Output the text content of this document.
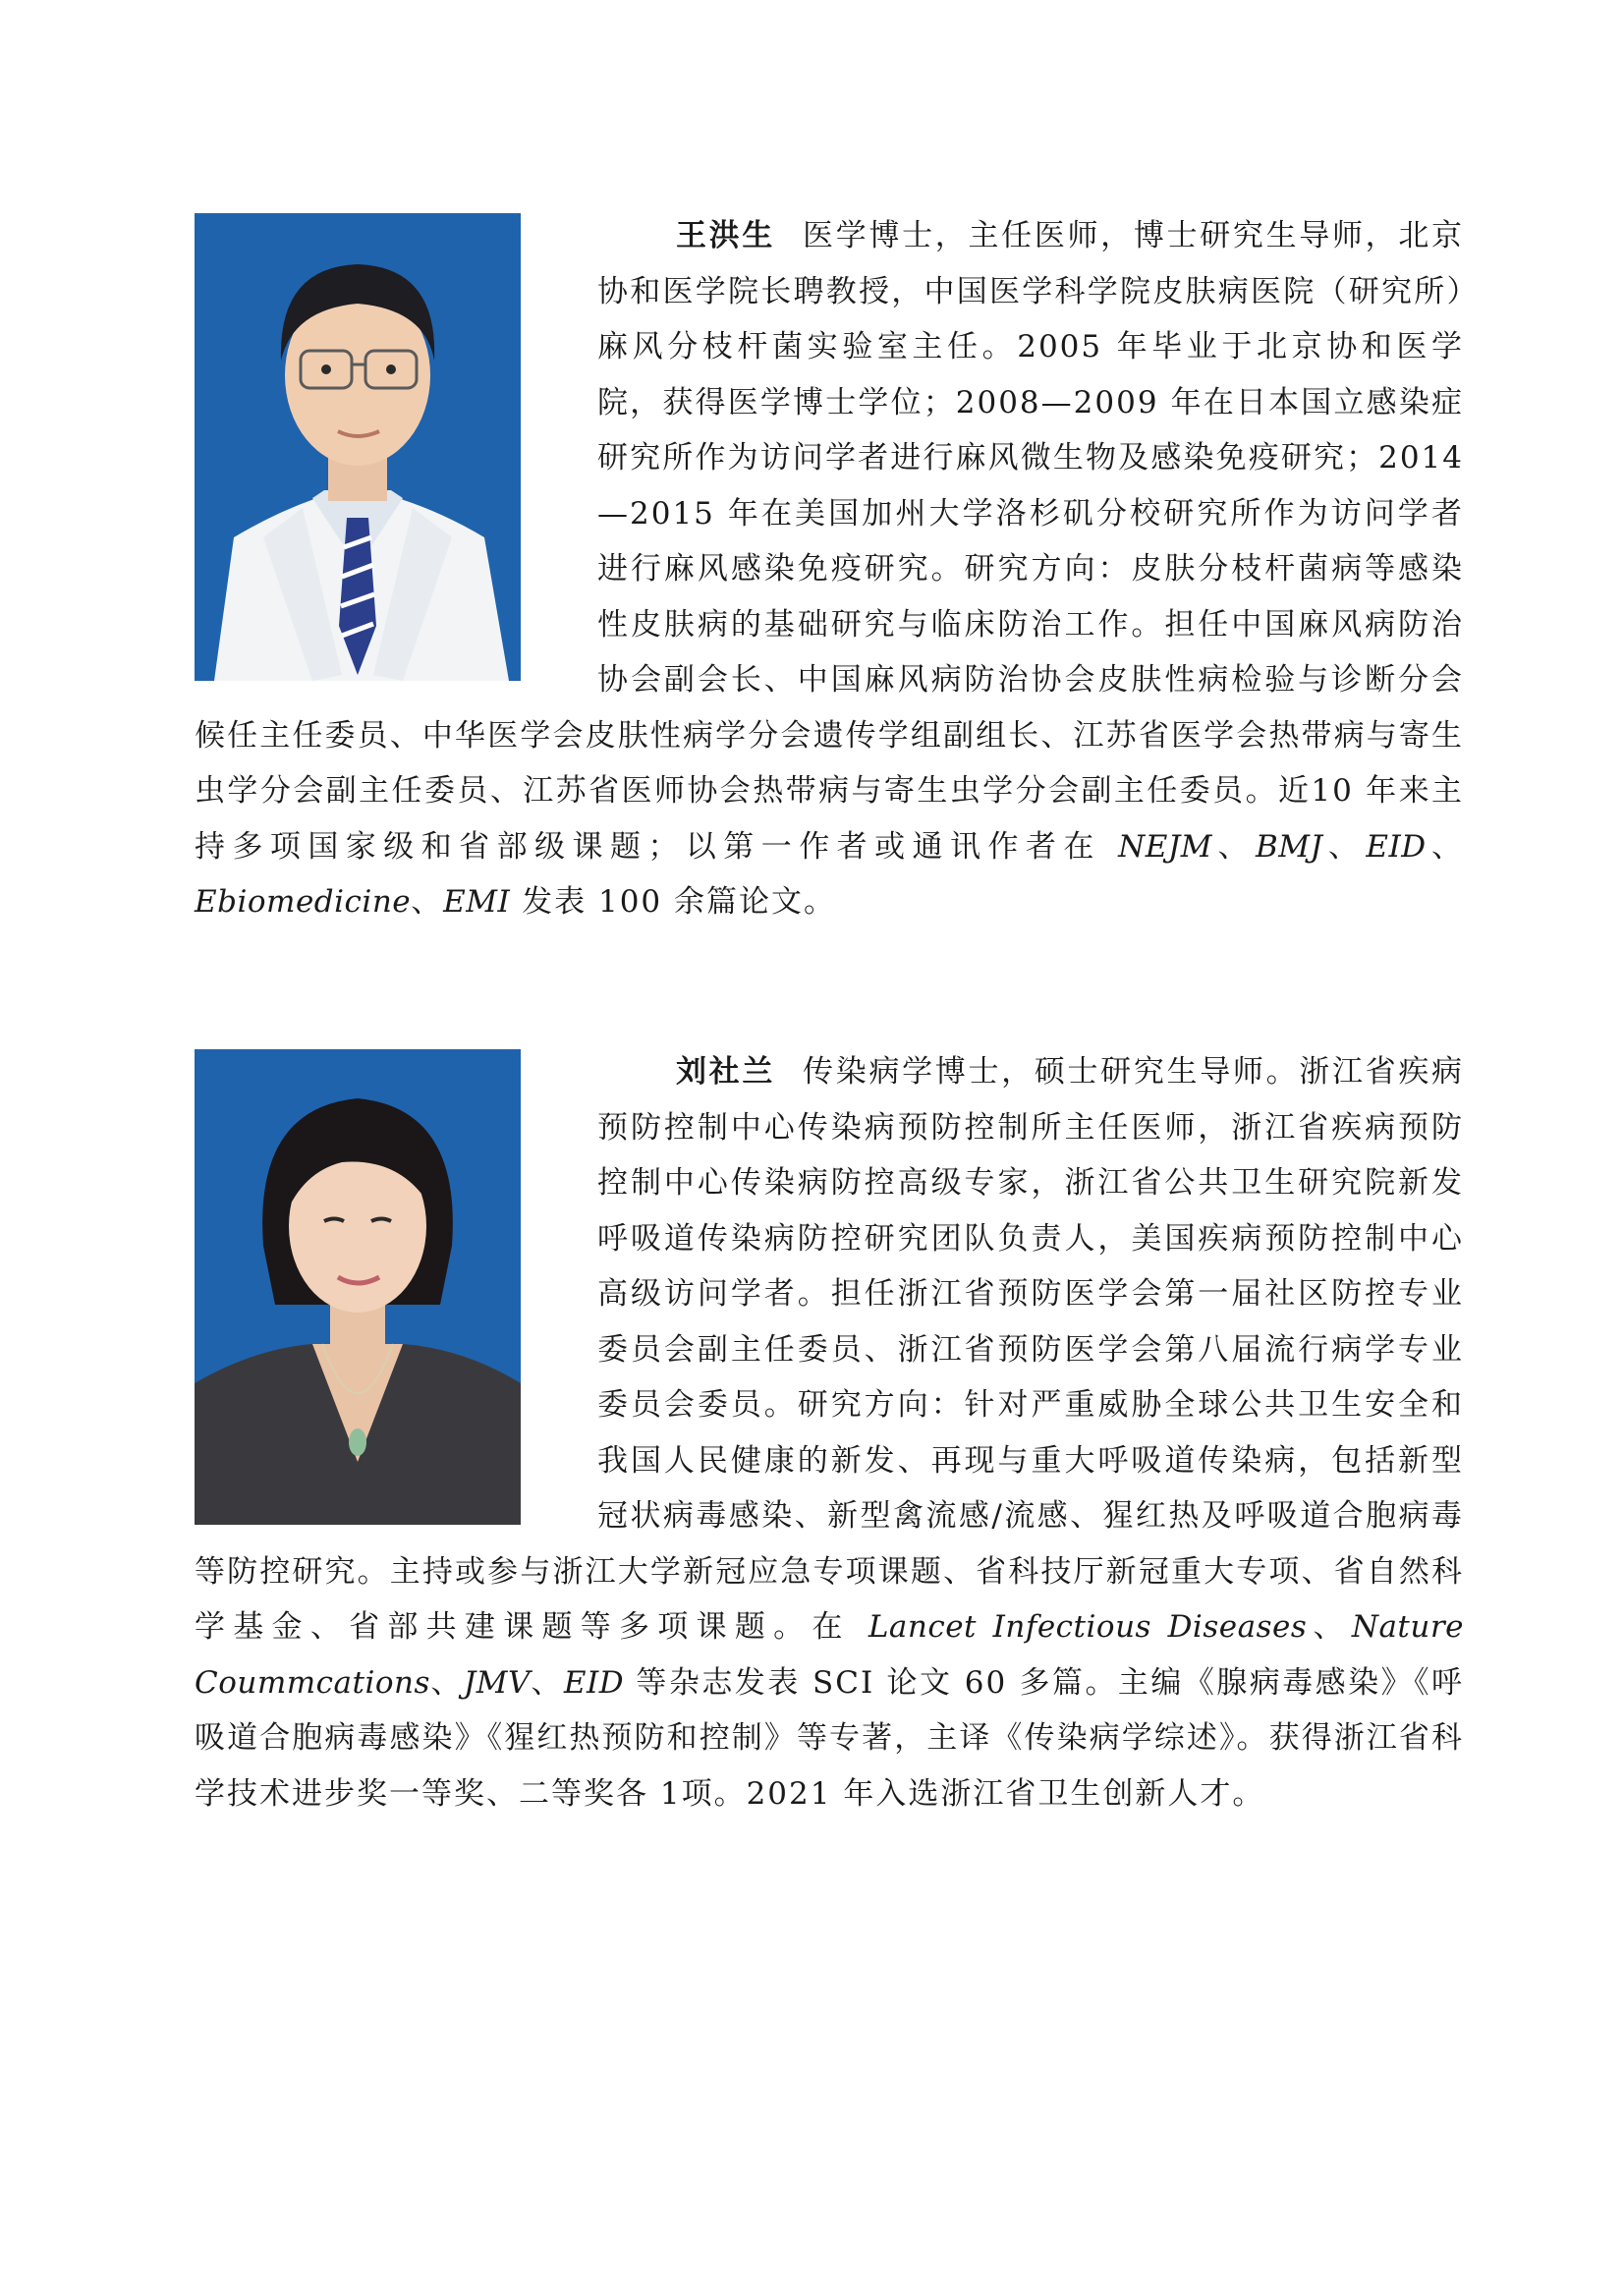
王洪生 医学博士，主任医师，博士研究生导师，北京协和医学院长聘教授，中国医学科学院皮肤病医院（研究所）麻风分枝杆菌实验室主任。2005 年毕业于北京协和医学院，获得医学博士学位；2008—2009 年在日本国立感染症研究所作为访问学者进行麻风微生物及感染免疫研究；2014—2015 年在美国加州大学洛杉矶分校研究所作为访问学者进行麻风感染免疫研究。研究方向：皮肤分枝杆菌病等感染性皮肤病的基础研究与临床防治工作。担任中国麻风病防治协会副会长、中国麻风病防治协会皮肤性病检验与诊断分会候任主任委员、中华医学会皮肤性病学分会遗传学组副组长、江苏省医学会热带病与寄生虫学分会副主任委员、江苏省医师协会热带病与寄生虫学分会副主任委员。近10 年来主持多项国家级和省部级课题；以第一作者或通讯作者在 NEJM、BMJ、EID、Ebiomedicine、EMI 发表 100 余篇论文。

刘社兰 传染病学博士，硕士研究生导师。浙江省疾病预防控制中心传染病预防控制所主任医师，浙江省疾病预防控制中心传染病防控高级专家，浙江省公共卫生研究院新发呼吸道传染病防控研究团队负责人，美国疾病预防控制中心高级访问学者。担任浙江省预防医学会第一届社区防控专业委员会副主任委员、浙江省预防医学会第八届流行病学专业委员会委员。研究方向：针对严重威胁全球公共卫生安全和我国人民健康的新发、再现与重大呼吸道传染病，包括新型冠状病毒感染、新型禽流感/流感、猩红热及呼吸道合胞病毒等防控研究。主持或参与浙江大学新冠应急专项课题、省科技厅新冠重大专项、省自然科学基金、省部共建课题等多项课题。在 Lancet Infectious Diseases、Nature Coummcations、JMV、EID 等杂志发表 SCI 论文 60 多篇。主编《腺病毒感染》《呼吸道合胞病毒感染》《猩红热预防和控制》等专著，主译《传染病学综述》。获得浙江省科学技术进步奖一等奖、二等奖各 1项。2021 年入选浙江省卫生创新人才。
